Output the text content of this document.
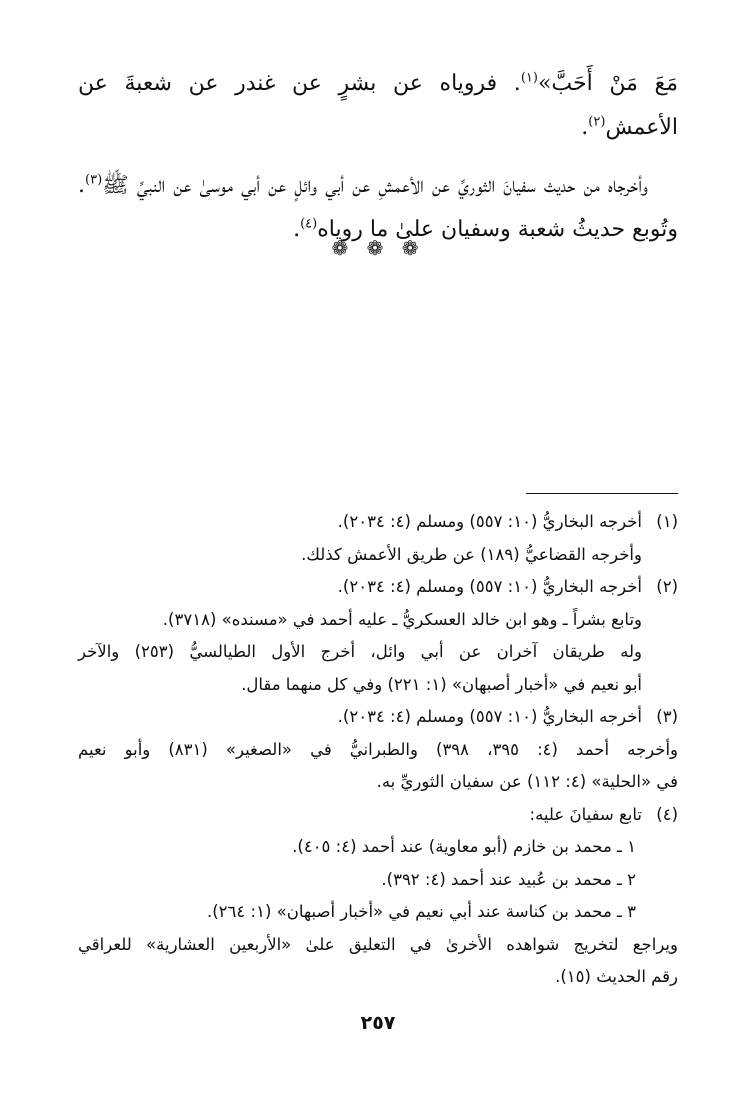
مَعَ مَنْ أَحَبَّ»$^{(١)}$. فروياه عن بشرٍ عن غندر عن شعبةَ عن الأعمش$^{(٢)}$.

وأخرجاه من حديث سفيانَ الثوريِّ عن الأعمشِ عن أبي وائلٍ عن أبي موسىٰ عن النبيِّ ﷺ$^{(٣)}$. وتُوبع حديثُ شعبة وسفيان علىٰ ما روياه$^{(٤)}$.

❁ ❁ ❁
(١)
أخرجه البخاريُّ (١٠: ٥٥٧) ومسلم (٤: ٢٠٣٤).
وأخرجه القضاعيُّ (١٨٩) عن طريق الأعمش كذلك.
(٢)
أخرجه البخاريُّ (١٠: ٥٥٧) ومسلم (٤: ٢٠٣٤).
وتابع بشراً ـ وهو ابن خالد العسكريُّ ـ عليه أحمد في «مسنده» (٣٧١٨).
وله طريقان آخران عن أبي وائل، أخرج الأول الطيالسيُّ (٢٥٣) والآخر
أبو نعيم في «أخبار أصبهان» (١: ٢٢١) وفي كل منهما مقال.
(٣)
أخرجه البخاريُّ (١٠: ٥٥٧) ومسلم (٤: ٢٠٣٤).
وأخرجه أحمد (٤: ٣٩٥، ٣٩٨) والطبرانيُّ في «الصغير» (٨٣١) وأبو نعيم
في «الحلية» (٤: ١١٢) عن سفيان الثوريِّ به.
(٤)
تابع سفيانَ عليه:
١ ـ محمد بن خازم (أبو معاوية) عند أحمد (٤: ٤٠٥).
٢ ـ محمد بن عُبيد عند أحمد (٤: ٣٩٢).
٣ ـ محمد بن كناسة عند أبي نعيم في «أخبار أصبهان» (١: ٢٦٤).
ويراجع لتخريج شواهده الأخرىٰ في التعليق علىٰ «الأربعين العشارية» للعراقي
رقم الحديث (١٥).
٢٥٧
